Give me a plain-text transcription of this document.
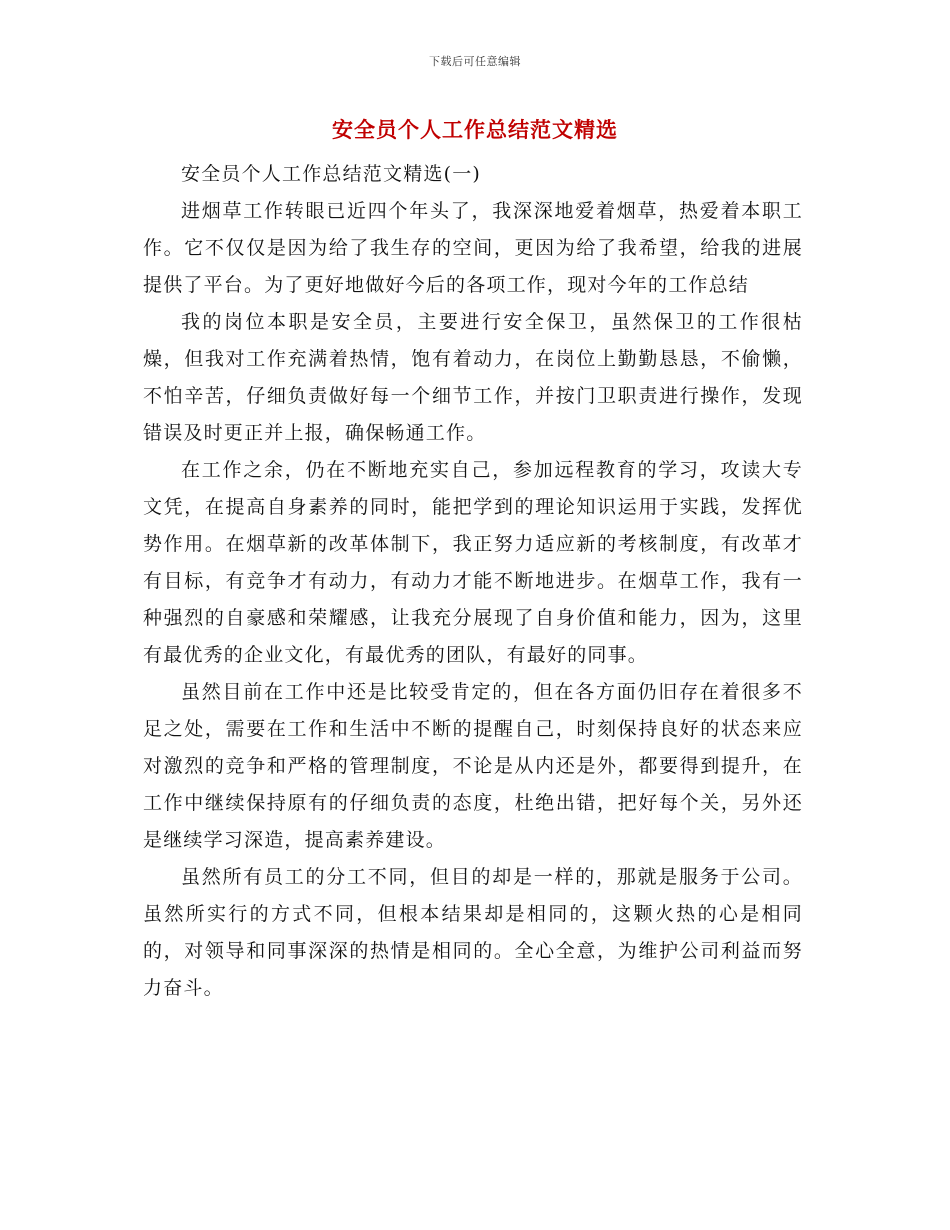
下载后可任意编辑
安全员个人工作总结范文精选

安全员个人工作总结范文精选(一)

进烟草工作转眼已近四个年头了，我深深地爱着烟草，热爱着本职工作。它不仅仅是因为给了我生存的空间，更因为给了我希望，给我的进展提供了平台。为了更好地做好今后的各项工作，现对今年的工作总结

我的岗位本职是安全员，主要进行安全保卫，虽然保卫的工作很枯燥，但我对工作充满着热情，饱有着动力，在岗位上勤勤恳恳，不偷懒，不怕辛苦，仔细负责做好每一个细节工作，并按门卫职责进行操作，发现错误及时更正并上报，确保畅通工作。

在工作之余，仍在不断地充实自己，参加远程教育的学习，攻读大专文凭，在提高自身素养的同时，能把学到的理论知识运用于实践，发挥优势作用。在烟草新的改革体制下，我正努力适应新的考核制度，有改革才有目标，有竞争才有动力，有动力才能不断地进步。在烟草工作，我有一种强烈的自豪感和荣耀感，让我充分展现了自身价值和能力，因为，这里有最优秀的企业文化，有最优秀的团队，有最好的同事。

虽然目前在工作中还是比较受肯定的，但在各方面仍旧存在着很多不足之处，需要在工作和生活中不断的提醒自己，时刻保持良好的状态来应对激烈的竞争和严格的管理制度，不论是从内还是外，都要得到提升，在工作中继续保持原有的仔细负责的态度，杜绝出错，把好每个关，另外还是继续学习深造，提高素养建设。

虽然所有员工的分工不同，但目的却是一样的，那就是服务于公司。虽然所实行的方式不同，但根本结果却是相同的，这颗火热的心是相同的，对领导和同事深深的热情是相同的。全心全意，为维护公司利益而努力奋斗。
